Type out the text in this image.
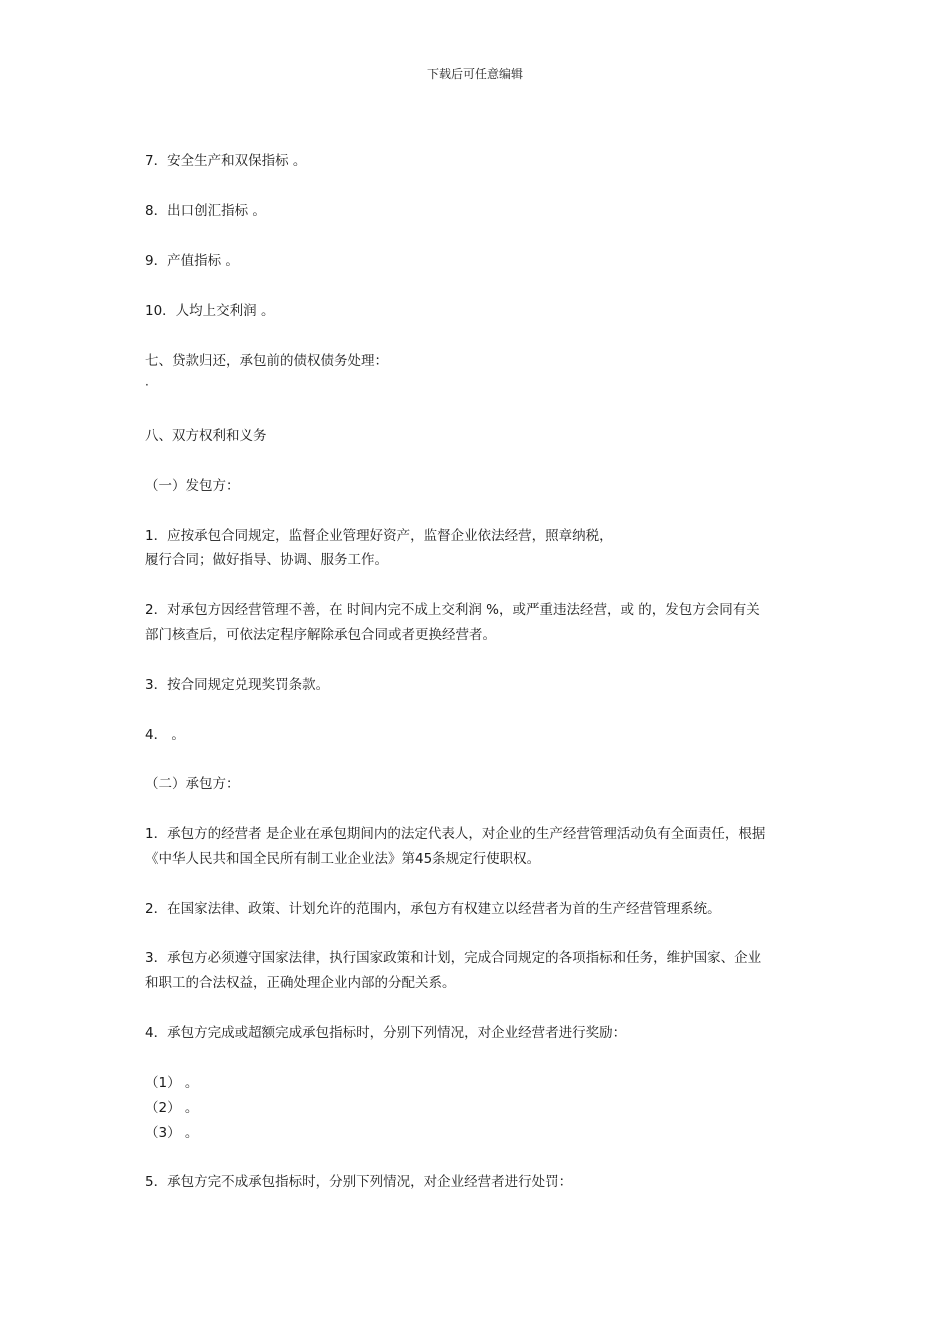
下载后可任意编辑
7．安全生产和双保指标 。
8．出口创汇指标 。
9．产值指标 。
10．人均上交利润 。
七、贷款归还，承包前的债权债务处理：
·
八、双方权利和义务
（一）发包方：
1．应按承包合同规定，监督企业管理好资产，监督企业依法经营，照章纳税，
履行合同；做好指导、协调、服务工作。
2．对承包方因经营管理不善，在 时间内完不成上交利润 %，或严重违法经营，或 的，发包方会同有关
部门核查后，可依法定程序解除承包合同或者更换经营者。
3．按合同规定兑现奖罚条款。
4． 。
（二）承包方：
1．承包方的经营者 是企业在承包期间内的法定代表人，对企业的生产经营管理活动负有全面责任，根据
《中华人民共和国全民所有制工业企业法》第45条规定行使职权。
2．在国家法律、政策、计划允许的范围内，承包方有权建立以经营者为首的生产经营管理系统。
3．承包方必须遵守国家法律，执行国家政策和计划，完成合同规定的各项指标和任务，维护国家、企业
和职工的合法权益，正确处理企业内部的分配关系。
4．承包方完成或超额完成承包指标时，分别下列情况，对企业经营者进行奖励：
（1） 。
（2） 。
（3） 。
5．承包方完不成承包指标时，分别下列情况，对企业经营者进行处罚：
